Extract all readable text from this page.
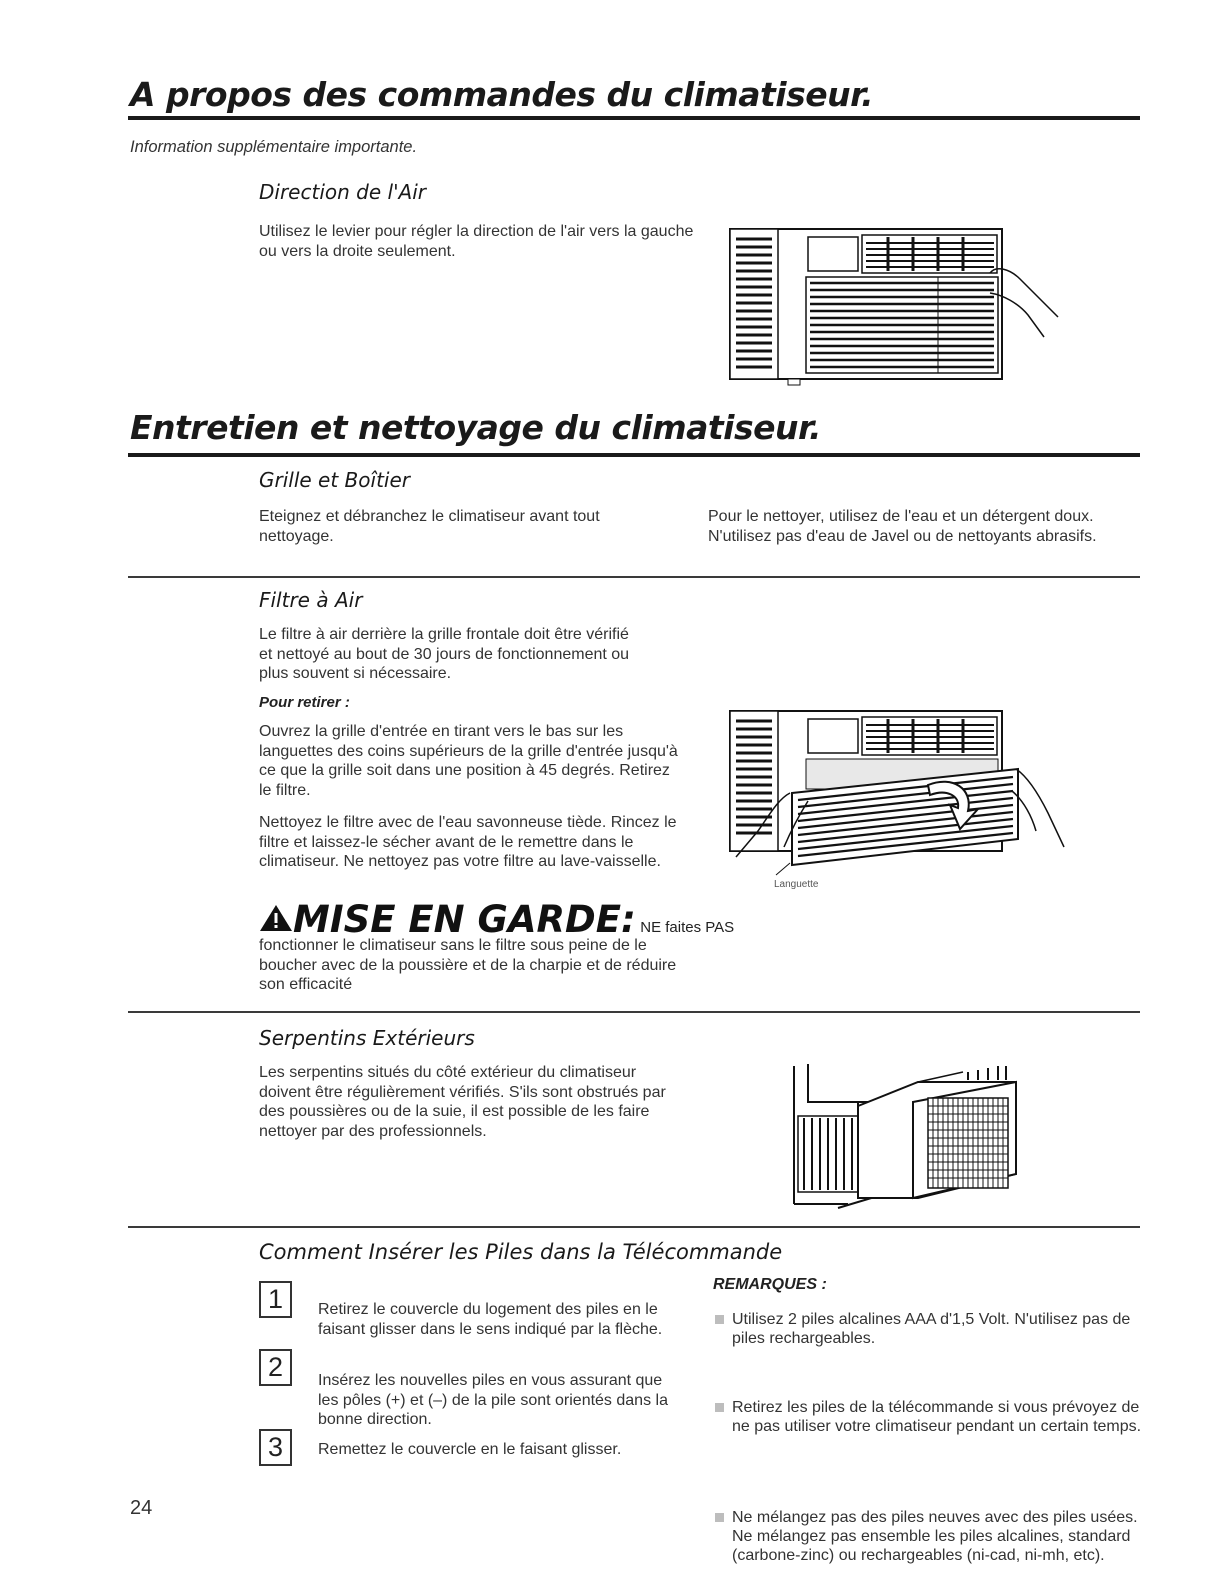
A propos des commandes du climatiseur.
Information supplémentaire importante.
Direction de l'Air
Utilisez le levier pour régler la direction de l'air vers la gauche ou vers la droite seulement.
Entretien et nettoyage du climatiseur.
Grille et Boîtier
Eteignez et débranchez le climatiseur avant tout nettoyage.
Pour le nettoyer, utilisez de l'eau et un détergent doux. N'utilisez pas d'eau de Javel ou de nettoyants abrasifs.
Filtre à Air
Le filtre à air derrière la grille frontale doit être vérifié et nettoyé au bout de 30 jours de fonctionnement ou plus souvent si nécessaire.
Pour retirer :
Ouvrez la grille d'entrée en tirant vers le bas sur les languettes des coins supérieurs de la grille d'entrée jusqu'à ce que la grille soit dans une position à 45 degrés. Retirez le filtre.
Nettoyez le filtre avec de l'eau savonneuse tiède. Rincez le filtre et laissez-le sécher avant de le remettre dans le climatiseur. Ne nettoyez pas votre filtre au lave-vaisselle.
Languette
MISE EN GARDE: NE faites PAS
fonctionner le climatiseur sans le filtre sous peine de le boucher avec de la poussière et de la charpie et de réduire son efficacité
Serpentins Extérieurs
Les serpentins situés du côté extérieur du climatiseur doivent être régulièrement vérifiés. S'ils sont obstrués par des poussières ou de la suie, il est possible de les faire nettoyer par des professionnels.
Comment Insérer les Piles dans la Télécommande
1	Retirez le couvercle du logement des piles en le faisant glisser dans le sens indiqué par la flèche.
2	Insérez les nouvelles piles en vous assurant que les pôles (+) et (–) de la pile sont orientés dans la bonne direction.
3	Remettez le couvercle en le faisant glisser.
REMARQUES :
Utilisez 2 piles alcalines AAA d'1,5 Volt. N'utilisez pas de piles rechargeables.
Retirez les piles de la télécommande si vous prévoyez de ne pas utiliser votre climatiseur pendant un certain temps.
Ne mélangez pas des piles neuves avec des piles usées. Ne mélangez pas ensemble les piles alcalines, standard (carbone-zinc) ou rechargeables (ni-cad, ni-mh, etc).
24
